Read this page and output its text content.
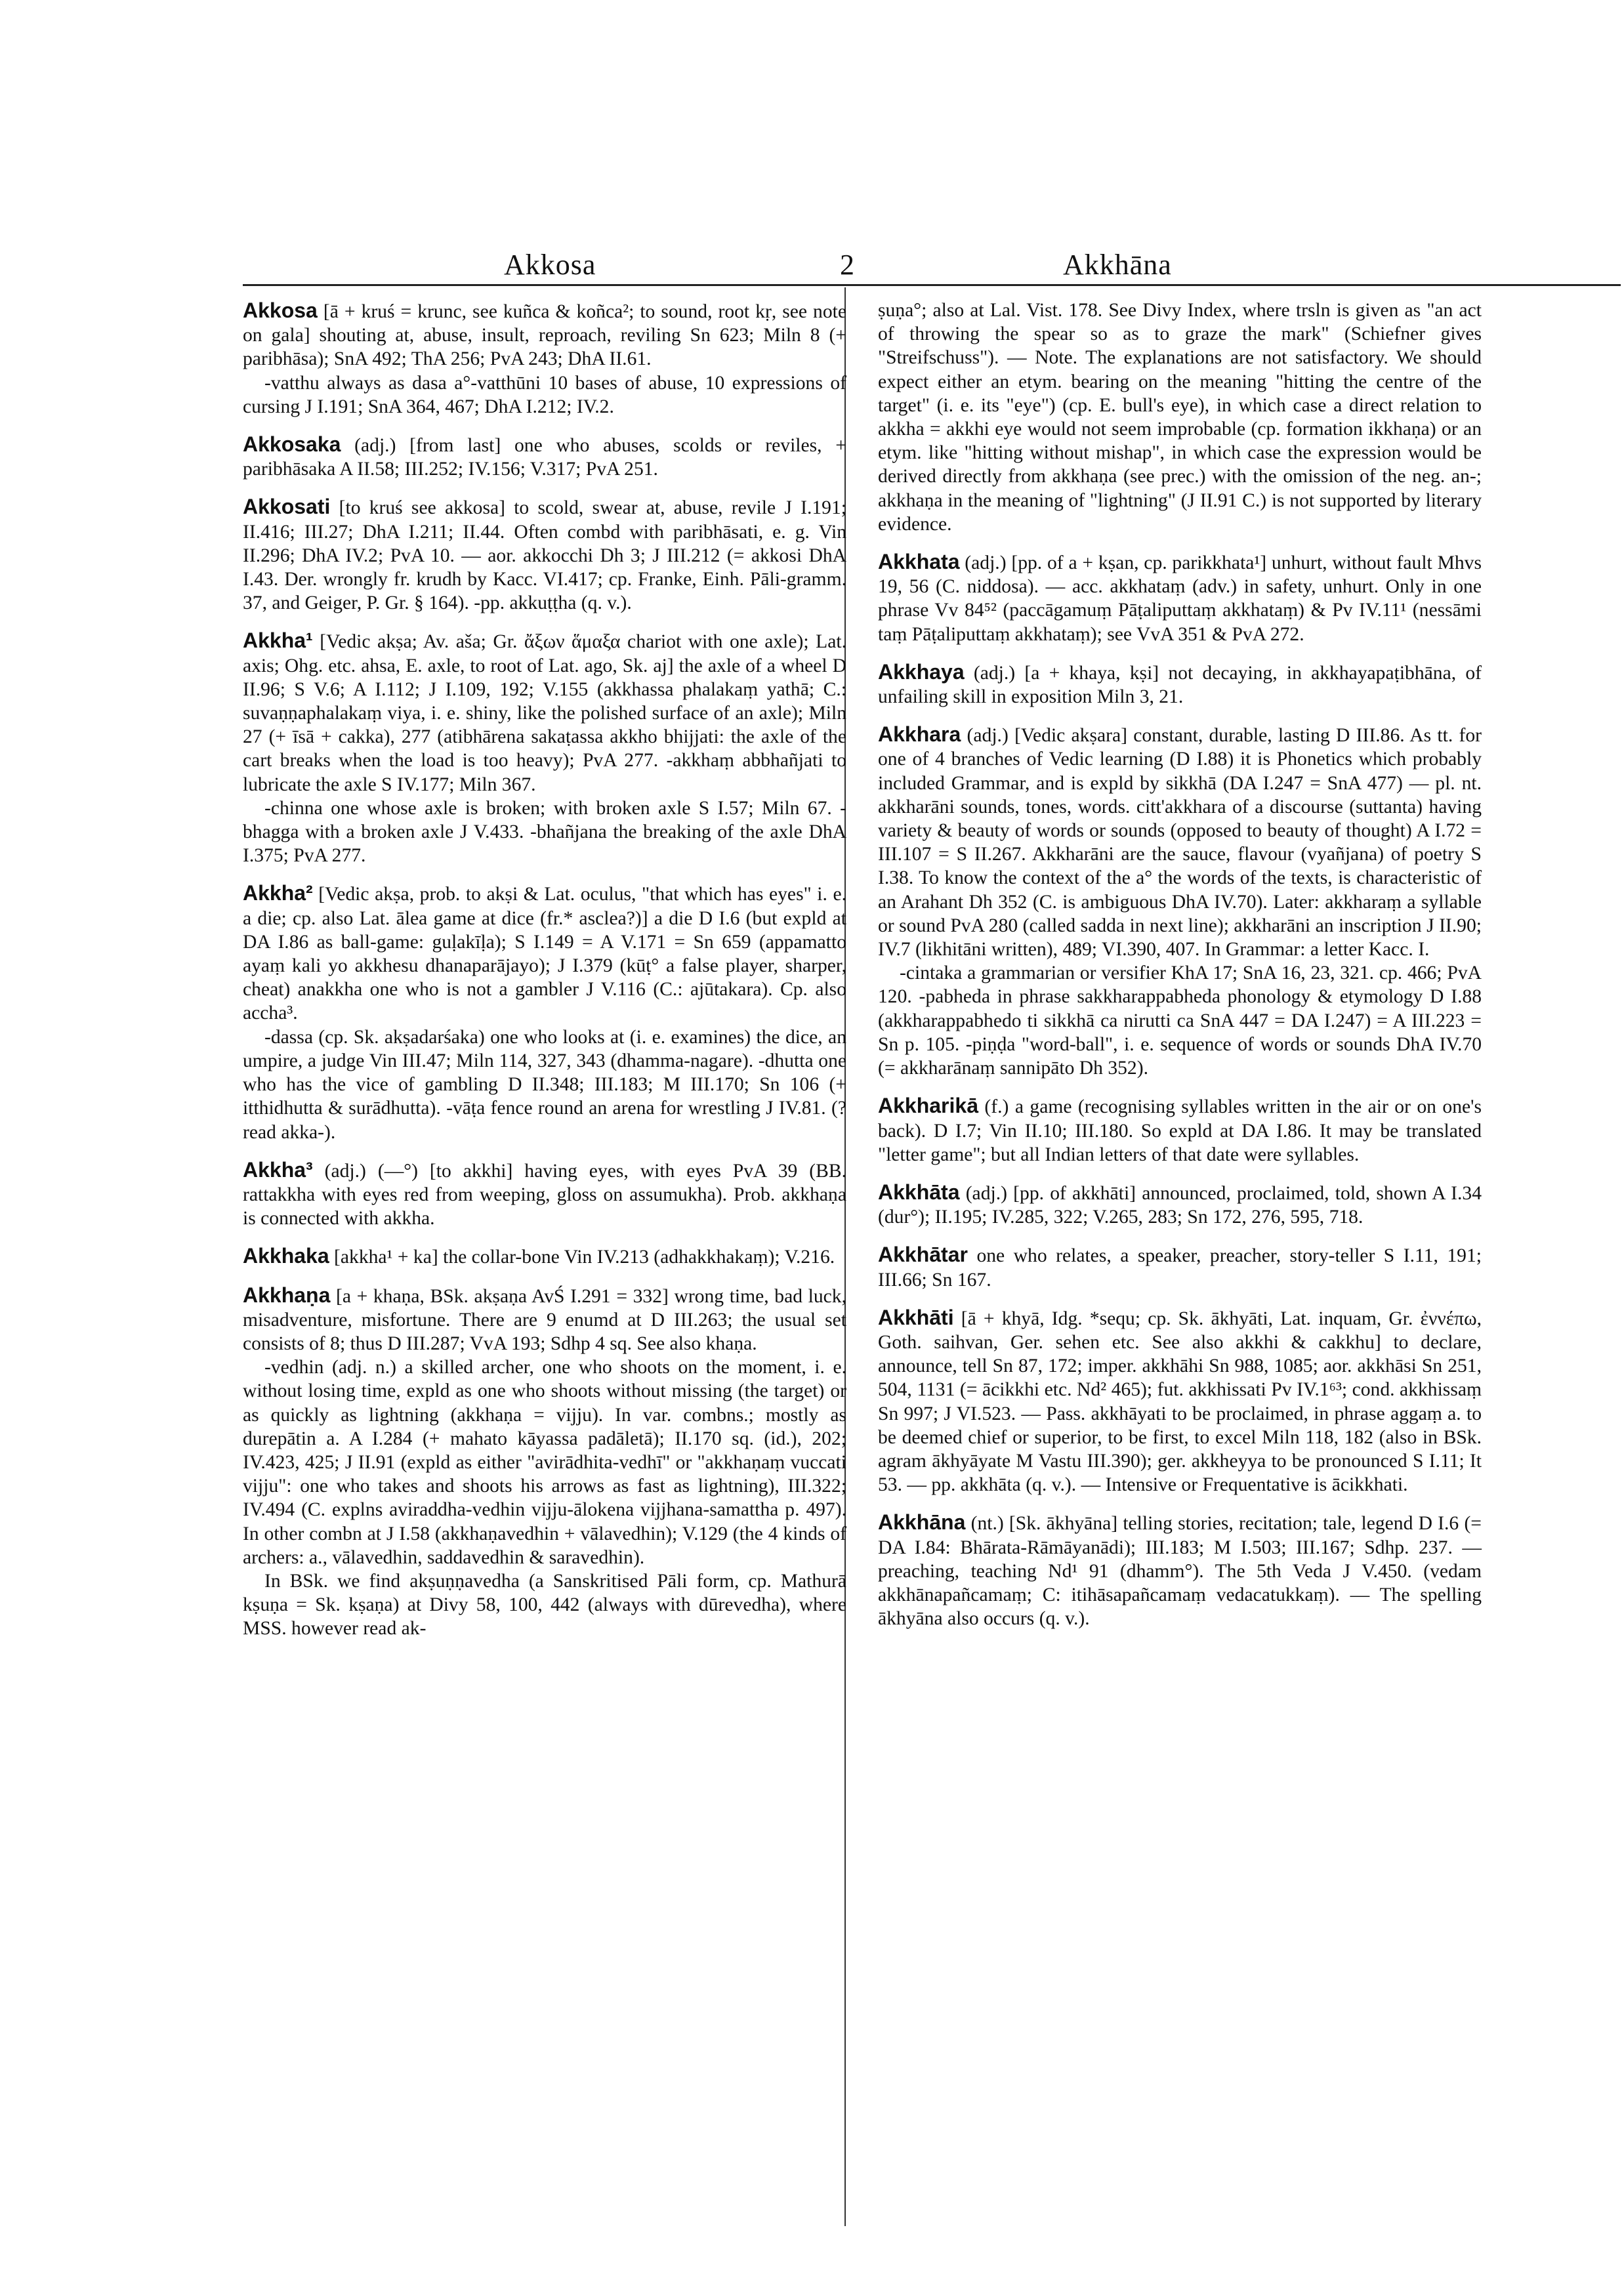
Akkosa	2	Akkhāna

Akkosa [ā + kruś = krunc, see kuñca & koñca²; to sound, root kṛ, see note on gala] shouting at, abuse, insult, reproach, reviling Sn 623; Miln 8 (+ paribhāsa); SnA 492; ThA 256; PvA 243; DhA II.61.

-vatthu always as dasa a°-vatthūni 10 bases of abuse, 10 expressions of cursing J I.191; SnA 364, 467; DhA I.212; IV.2.

Akkosaka (adj.) [from last] one who abuses, scolds or reviles, + paribhāsaka A II.58; III.252; IV.156; V.317; PvA 251.

Akkosati [to kruś see akkosa] to scold, swear at, abuse, revile J I.191; II.416; III.27; DhA I.211; II.44. Often combd with paribhāsati, e. g. Vin II.296; DhA IV.2; PvA 10. — aor. akkocchi Dh 3; J III.212 (= akkosi DhA I.43. Der. wrongly fr. krudh by Kacc. VI.417; cp. Franke, Einh. Pāli-gramm. 37, and Geiger, P. Gr. § 164). -pp. akkuṭṭha (q. v.).

Akkha¹ [Vedic akṣa; Av. aša; Gr. ἄξων ἅμαξα chariot with one axle); Lat. axis; Ohg. etc. ahsa, E. axle, to root of Lat. ago, Sk. aj] the axle of a wheel D II.96; S V.6; A I.112; J I.109, 192; V.155 (akkhassa phalakaṃ yathā; C.: suvaṇṇaphalakaṃ viya, i. e. shiny, like the polished surface of an axle); Miln 27 (+ īsā + cakka), 277 (atibhārena sakaṭassa akkho bhijjati: the axle of the cart breaks when the load is too heavy); PvA 277. -akkhaṃ abbhañjati to lubricate the axle S IV.177; Miln 367.

-chinna one whose axle is broken; with broken axle S I.57; Miln 67. -bhagga with a broken axle J V.433. -bhañjana the breaking of the axle DhA I.375; PvA 277.

Akkha² [Vedic akṣa, prob. to akṣi & Lat. oculus, "that which has eyes" i. e. a die; cp. also Lat. ālea game at dice (fr.* asclea?)] a die D I.6 (but expld at DA I.86 as ball-game: guḷakīḷa); S I.149 = A V.171 = Sn 659 (appamatto ayaṃ kali yo akkhesu dhanaparājayo); J I.379 (kūṭ° a false player, sharper, cheat) anakkha one who is not a gambler J V.116 (C.: ajūtakara). Cp. also accha³.

-dassa (cp. Sk. akṣadarśaka) one who looks at (i. e. examines) the dice, an umpire, a judge Vin III.47; Miln 114, 327, 343 (dhamma-nagare). -dhutta one who has the vice of gambling D II.348; III.183; M III.170; Sn 106 (+ itthidhutta & surādhutta). -vāṭa fence round an arena for wrestling J IV.81. (? read akka-).

Akkha³ (adj.) (—°) [to akkhi] having eyes, with eyes PvA 39 (BB. rattakkha with eyes red from weeping, gloss on assumukha). Prob. akkhaṇa is connected with akkha.

Akkhaka [akkha¹ + ka] the collar-bone Vin IV.213 (adhakkhakaṃ); V.216.

Akkhaṇa [a + khaṇa, BSk. akṣaṇa AvŚ I.291 = 332] wrong time, bad luck, misadventure, misfortune. There are 9 enumd at D III.263; the usual set consists of 8; thus D III.287; VvA 193; Sdhp 4 sq. See also khaṇa.

-vedhin (adj. n.) a skilled archer, one who shoots on the moment, i. e. without losing time, expld as one who shoots without missing (the target) or as quickly as lightning (akkhaṇa = vijju). In var. combns.; mostly as durepātin a. A I.284 (+ mahato kāyassa padāletā); II.170 sq. (id.), 202; IV.423, 425; J II.91 (expld as either "avirādhita-vedhī" or "akkhaṇaṃ vuccati vijju": one who takes and shoots his arrows as fast as lightning), III.322; IV.494 (C. explns aviraddha-vedhin vijju-ālokena vijjhana-samattha p. 497). In other combn at J I.58 (akkhaṇavedhin + vālavedhin); V.129 (the 4 kinds of archers: a., vālavedhin, saddavedhin & saravedhin).

In BSk. we find akṣuṇṇavedha (a Sanskritised Pāli form, cp. Mathurā kṣuṇa = Sk. kṣaṇa) at Divy 58, 100, 442 (always with dūrevedha), where MSS. however read ak-

ṣuṇa°; also at Lal. Vist. 178. See Divy Index, where trsln is given as "an act of throwing the spear so as to graze the mark" (Schiefner gives "Streifschuss"). — Note. The explanations are not satisfactory. We should expect either an etym. bearing on the meaning "hitting the centre of the target" (i. e. its "eye") (cp. E. bull's eye), in which case a direct relation to akkha = akkhi eye would not seem improbable (cp. formation ikkhaṇa) or an etym. like "hitting without mishap", in which case the expression would be derived directly from akkhaṇa (see prec.) with the omission of the neg. an-; akkhaṇa in the meaning of "lightning" (J II.91 C.) is not supported by literary evidence.

Akkhata (adj.) [pp. of a + kṣan, cp. parikkhata¹] unhurt, without fault Mhvs 19, 56 (C. niddosa). — acc. akkhataṃ (adv.) in safety, unhurt. Only in one phrase Vv 84⁵² (paccāgamuṃ Pāṭaliputtaṃ akkhataṃ) & Pv IV.11¹ (nessāmi taṃ Pāṭaliputtaṃ akkhataṃ); see VvA 351 & PvA 272.

Akkhaya (adj.) [a + khaya, kṣi] not decaying, in akkhayapaṭibhāna, of unfailing skill in exposition Miln 3, 21.

Akkhara (adj.) [Vedic akṣara] constant, durable, lasting D III.86. As tt. for one of 4 branches of Vedic learning (D I.88) it is Phonetics which probably included Grammar, and is expld by sikkhā (DA I.247 = SnA 477) — pl. nt. akkharāni sounds, tones, words. citt'akkhara of a discourse (suttanta) having variety & beauty of words or sounds (opposed to beauty of thought) A I.72 = III.107 = S II.267. Akkharāni are the sauce, flavour (vyañjana) of poetry S I.38. To know the context of the a° the words of the texts, is characteristic of an Arahant Dh 352 (C. is ambiguous DhA IV.70). Later: akkharaṃ a syllable or sound PvA 280 (called sadda in next line); akkharāni an inscription J II.90; IV.7 (likhitāni written), 489; VI.390, 407. In Grammar: a letter Kacc. I.

-cintaka a grammarian or versifier KhA 17; SnA 16, 23, 321. cp. 466; PvA 120. -pabheda in phrase sakkharappabheda phonology & etymology D I.88 (akkharappabhedo ti sikkhā ca nirutti ca SnA 447 = DA I.247) = A III.223 = Sn p. 105. -piṇḍa "word-ball", i. e. sequence of words or sounds DhA IV.70 (= akkharānaṃ sannipāto Dh 352).

Akkharikā (f.) a game (recognising syllables written in the air or on one's back). D I.7; Vin II.10; III.180. So expld at DA I.86. It may be translated "letter game"; but all Indian letters of that date were syllables.

Akkhāta (adj.) [pp. of akkhāti] announced, proclaimed, told, shown A I.34 (dur°); II.195; IV.285, 322; V.265, 283; Sn 172, 276, 595, 718.

Akkhātar one who relates, a speaker, preacher, story-teller S I.11, 191; III.66; Sn 167.

Akkhāti [ā + khyā, Idg. *sequ; cp. Sk. ākhyāti, Lat. inquam, Gr. ἐννέπω, Goth. saihvan, Ger. sehen etc. See also akkhi & cakkhu] to declare, announce, tell Sn 87, 172; imper. akkhāhi Sn 988, 1085; aor. akkhāsi Sn 251, 504, 1131 (= ācikkhi etc. Nd² 465); fut. akkhissati Pv IV.1⁶³; cond. akkhissaṃ Sn 997; J VI.523. — Pass. akkhāyati to be proclaimed, in phrase aggaṃ a. to be deemed chief or superior, to be first, to excel Miln 118, 182 (also in BSk. agram ākhyāyate M Vastu III.390); ger. akkheyya to be pronounced S I.11; It 53. — pp. akkhāta (q. v.). — Intensive or Frequentative is ācikkhati.

Akkhāna (nt.) [Sk. ākhyāna] telling stories, recitation; tale, legend D I.6 (= DA I.84: Bhārata-Rāmāyanādi); III.183; M I.503; III.167; Sdhp. 237. — preaching, teaching Nd¹ 91 (dhamm°). The 5th Veda J V.450. (vedam akkhānapañcamaṃ; C: itihāsapañcamaṃ vedacatukkaṃ). — The spelling ākhyāna also occurs (q. v.).
